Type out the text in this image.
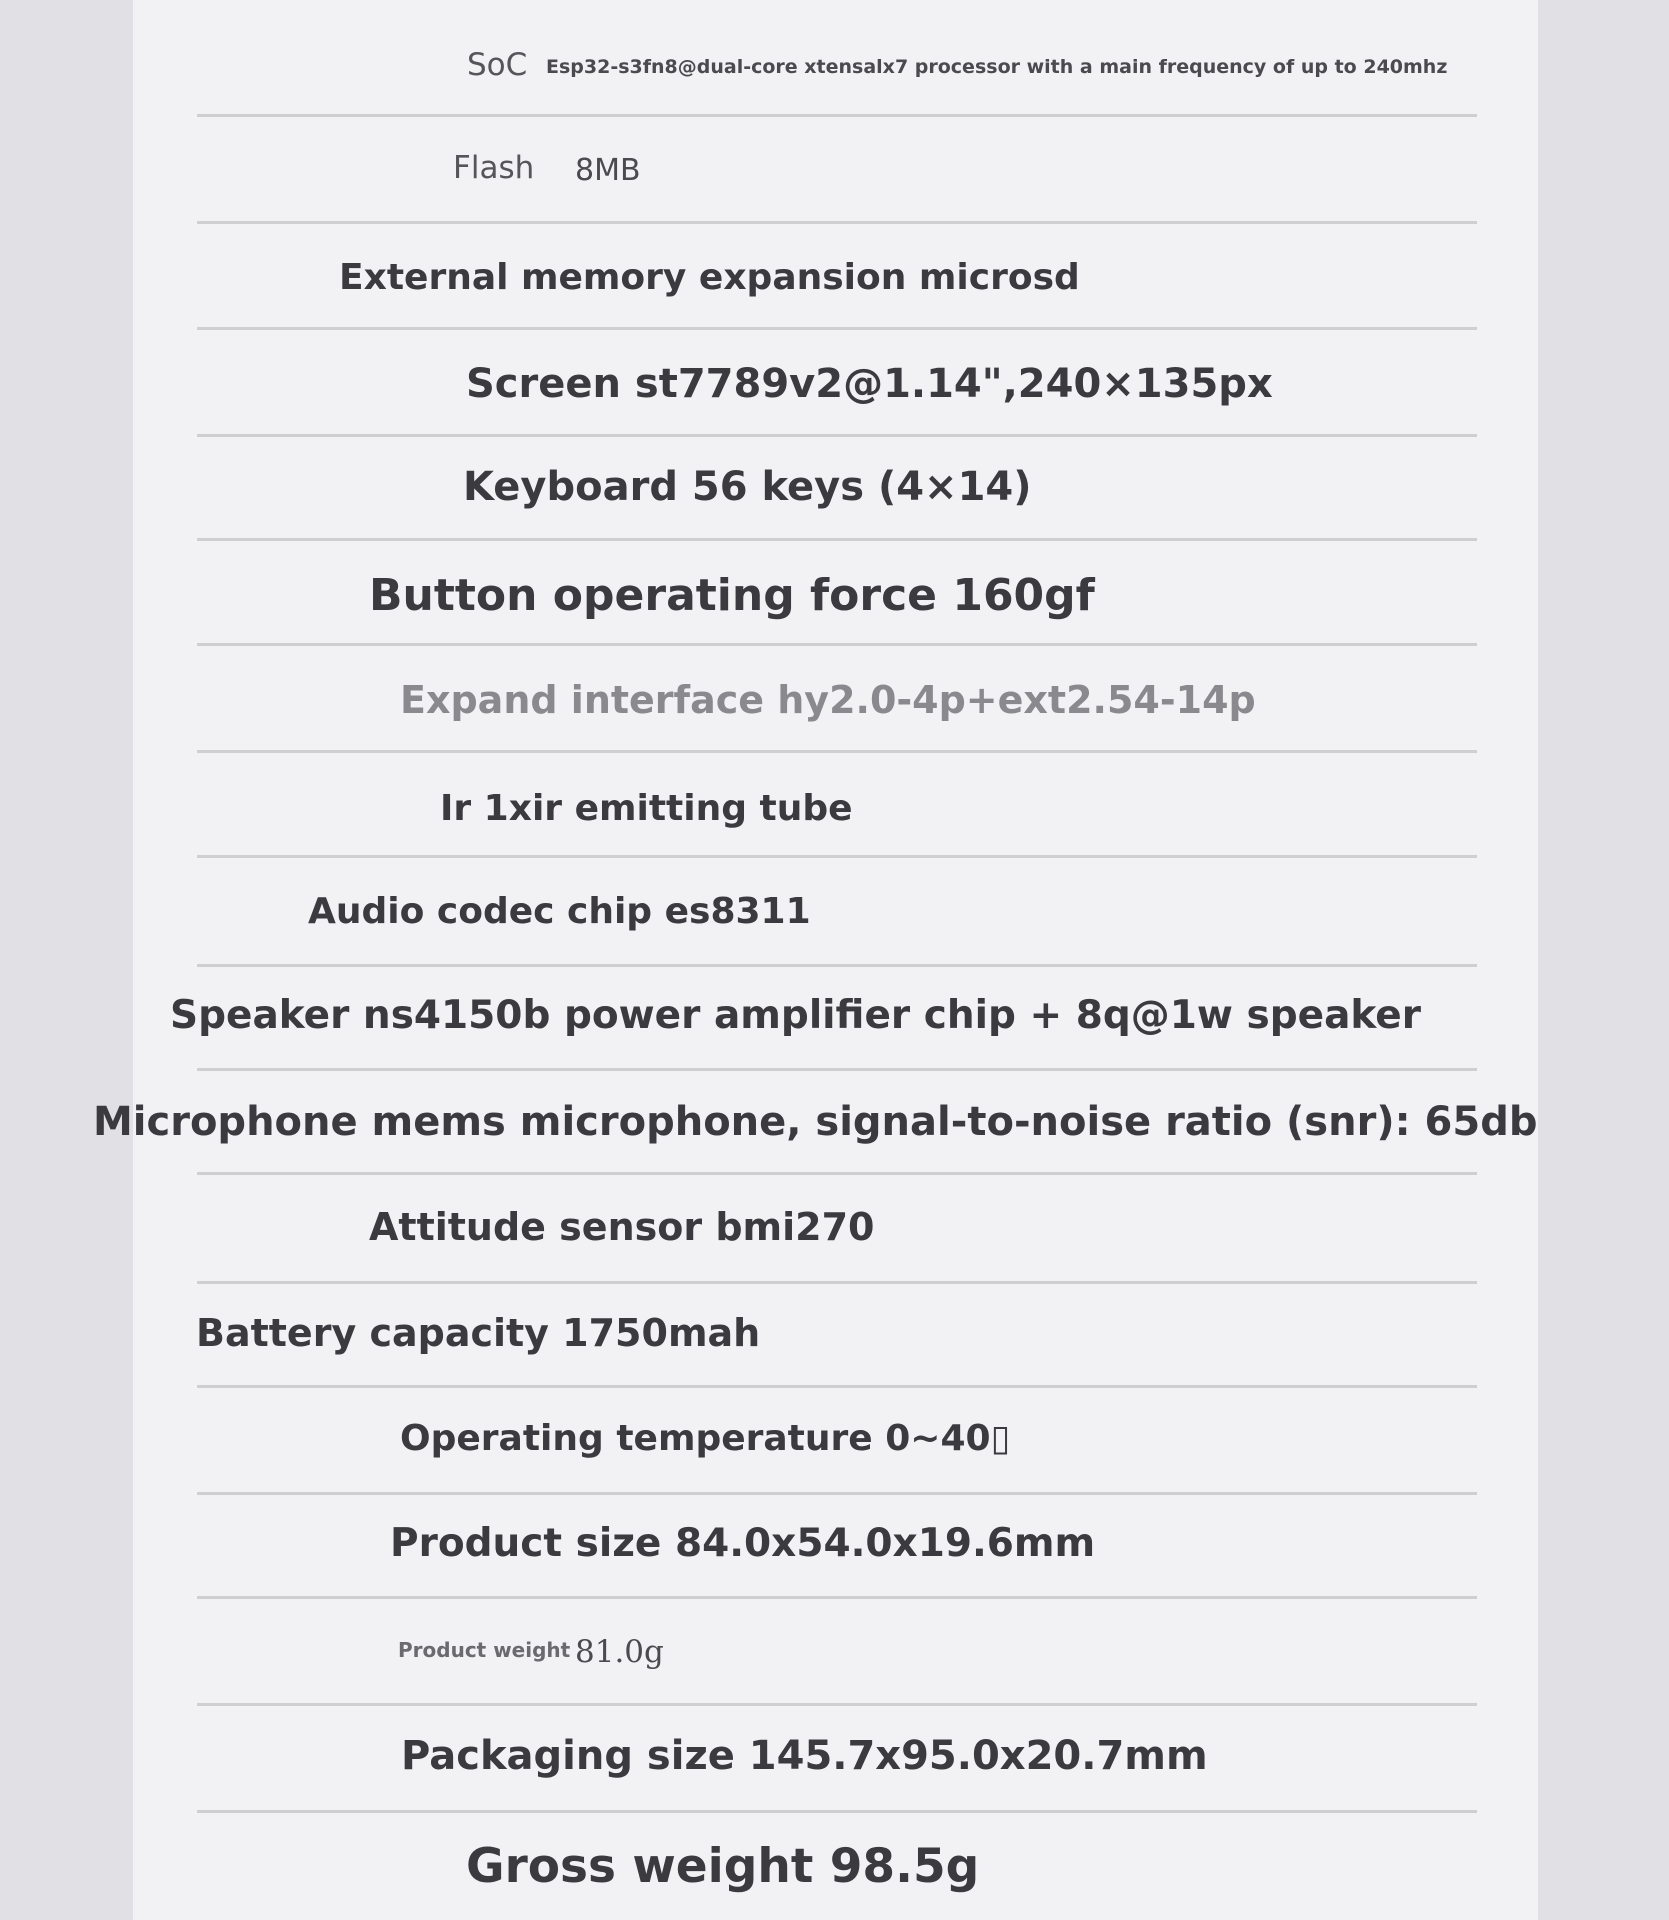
SoC Esp32-s3fn8@dual-core xtensalx7 processor with a main frequency of up to 240mhz
Flash 8MB
External memory expansion microsd
Screen st7789v2@1.14",240×135px
Keyboard 56 keys (4×14)
Button operating force 160gf
Expand interface hy2.0-4p+ext2.54-14p
Ir 1xir emitting tube
Audio codec chip es8311
Speaker ns4150b power amplifier chip + 8q@1w speaker
Microphone mems microphone, signal-to-noise ratio (snr): 65db
Attitude sensor bmi270
Battery capacity 1750mah
Operating temperature 0~40▯
Product size 84.0x54.0x19.6mm
Product weight 81.0g
Packaging size 145.7x95.0x20.7mm
Gross weight 98.5g
